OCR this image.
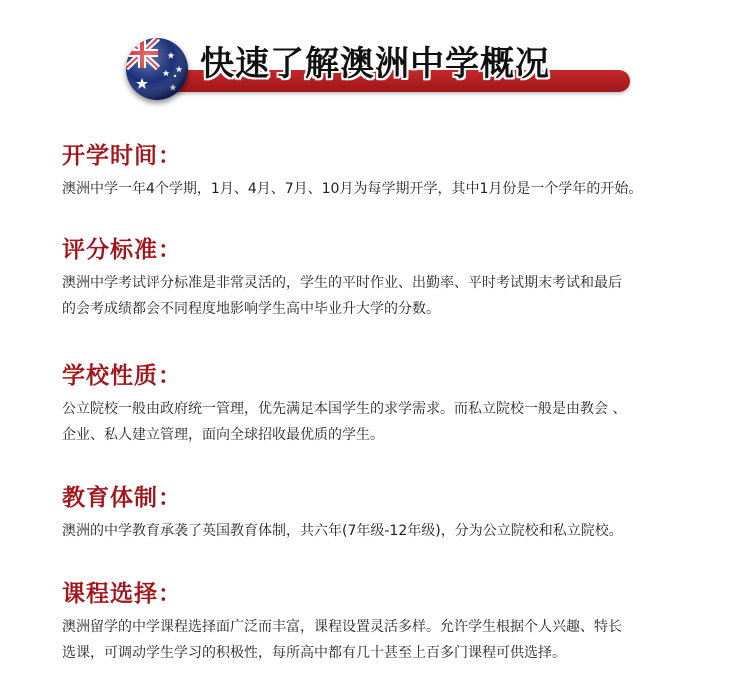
快速了解澳洲中学概况
开学时间：
澳洲中学一年4个学期，1月、4月、7月、10月为每学期开学，其中1月份是一个学年的开始。
评分标准：
澳洲中学考试评分标准是非常灵活的，学生的平时作业、出勤率、平时考试期末考试和最后
的会考成绩都会不同程度地影响学生高中毕业升大学的分数。
学校性质：
公立院校一般由政府统一管理，优先满足本国学生的求学需求。而私立院校一般是由教会 、
企业、私人建立管理，面向全球招收最优质的学生。
教育体制：
澳洲的中学教育承袭了英国教育体制，共六年(7年级-12年级)，分为公立院校和私立院校。
课程选择：
澳洲留学的中学课程选择面广泛而丰富，课程设置灵活多样。允许学生根据个人兴趣、特长
选课，可调动学生学习的积极性，每所高中都有几十甚至上百多门课程可供选择。
